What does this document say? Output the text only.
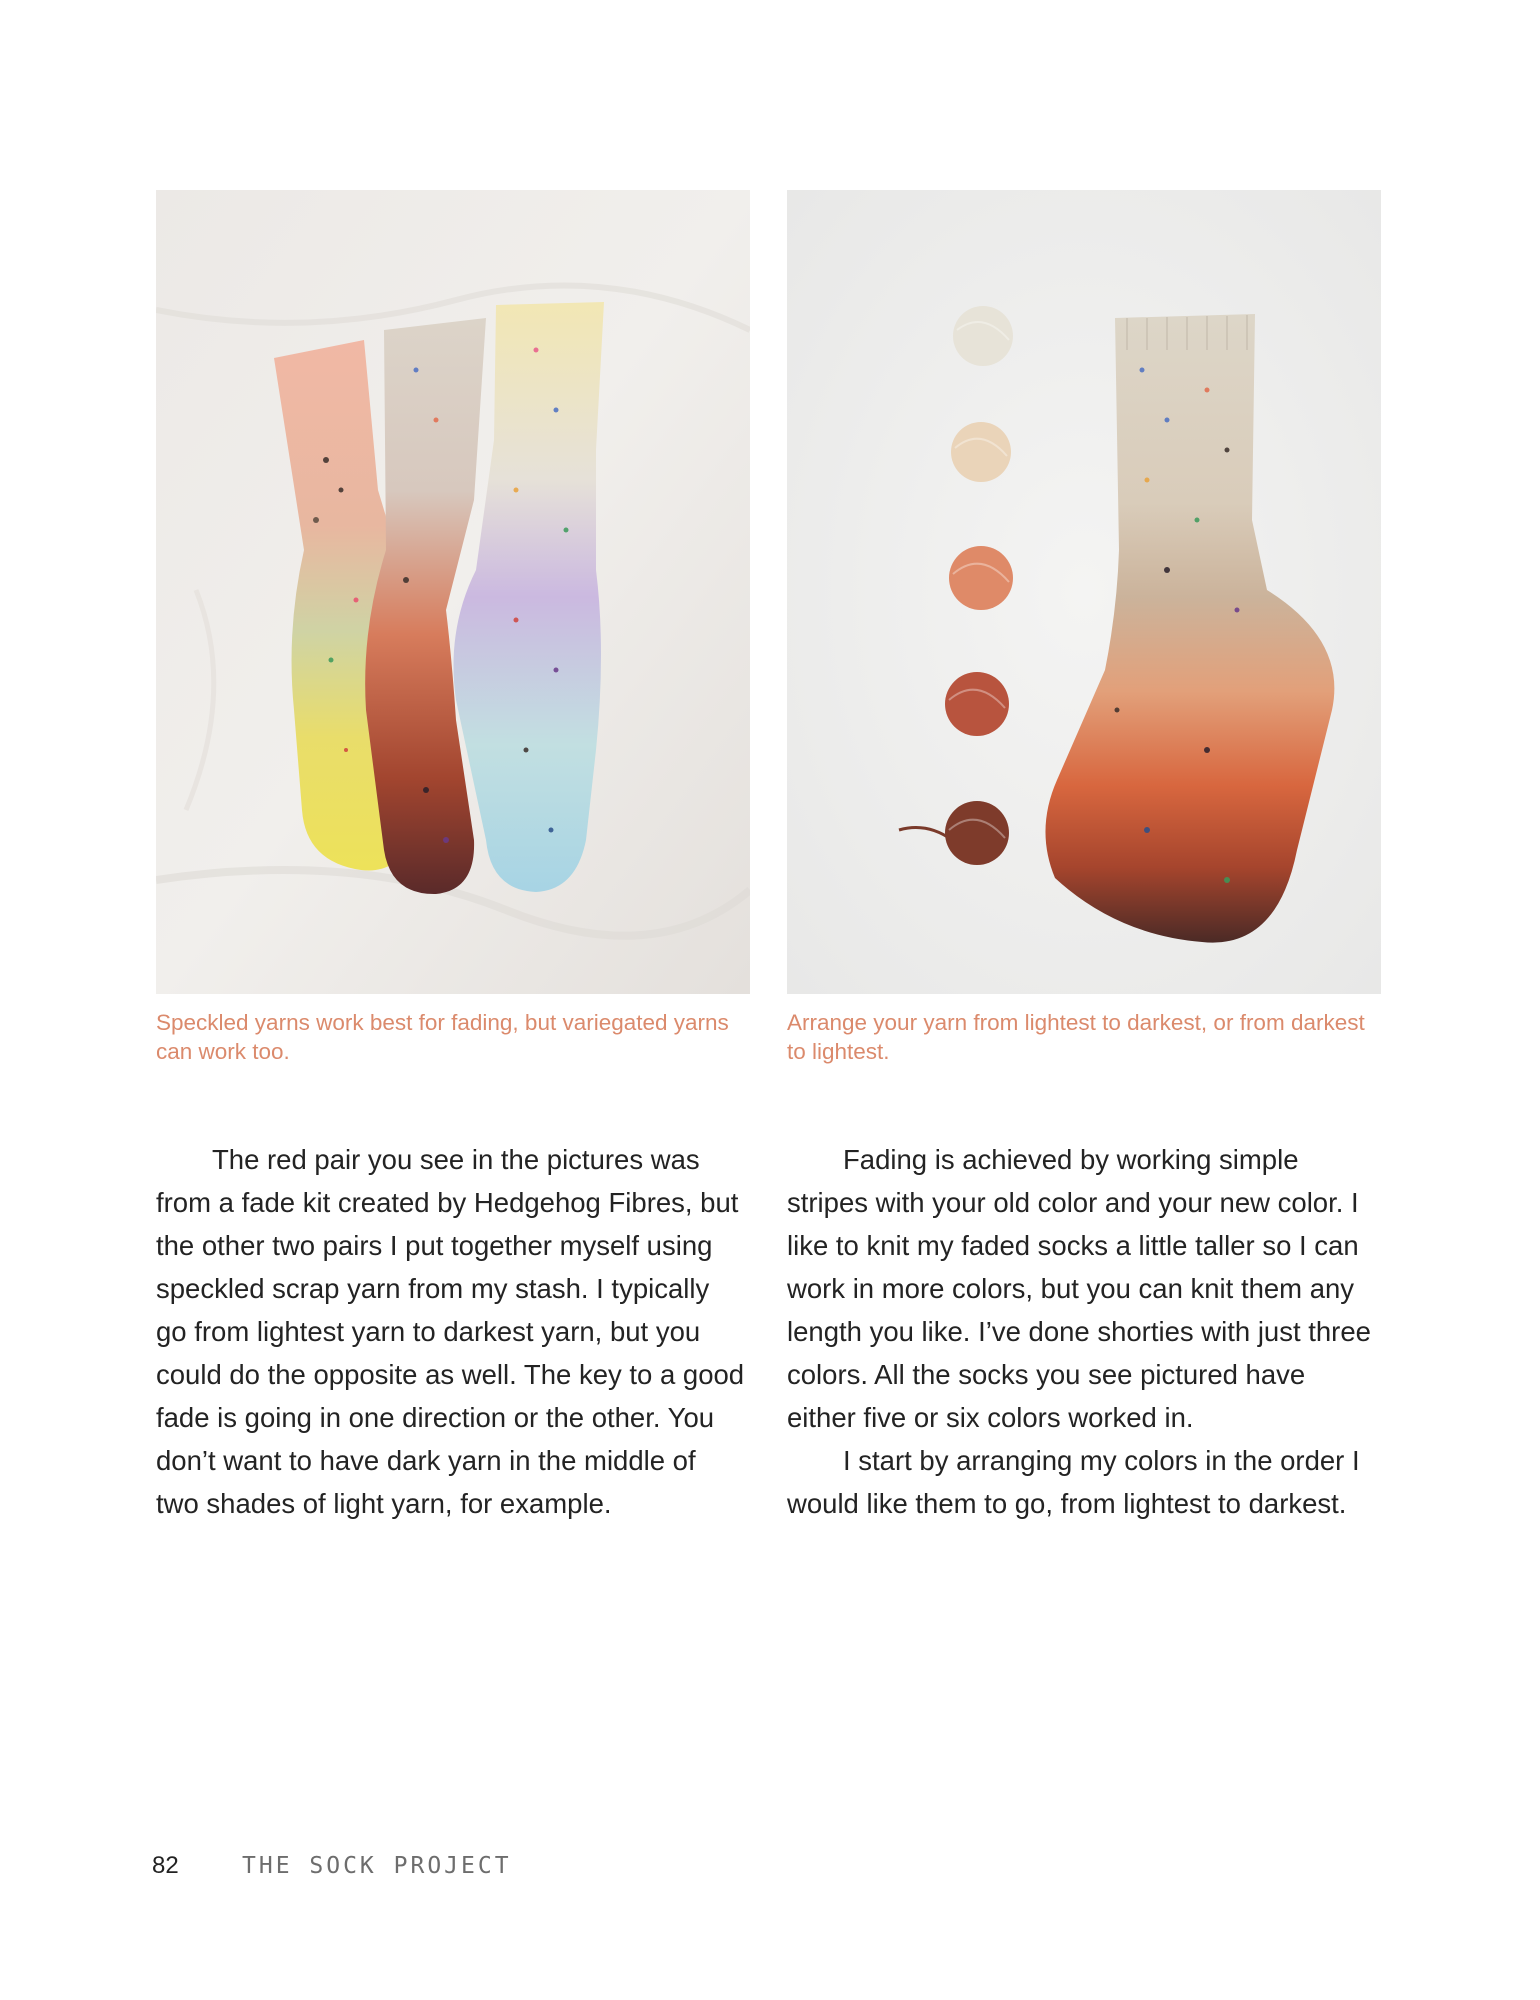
Speckled yarns work best for fading, but variegated yarns can work too.

Arrange your yarn from lightest to darkest, or from darkest to lightest.

The red pair you see in the pictures was from a fade kit created by Hedgehog Fibres, but the other two pairs I put together myself using speckled scrap yarn from my stash. I typically go from lightest yarn to darkest yarn, but you could do the opposite as well. The key to a good fade is going in one direction or the other. You don’t want to have dark yarn in the middle of two shades of light yarn, for example.

Fading is achieved by working simple stripes with your old color and your new color. I like to knit my faded socks a little taller so I can work in more colors, but you can knit them any length you like. I’ve done shorties with just three colors. All the socks you see pictured have either five or six colors worked in.

I start by arranging my colors in the order I would like them to go, from lightest to darkest.

82	THE SOCK PROJECT
